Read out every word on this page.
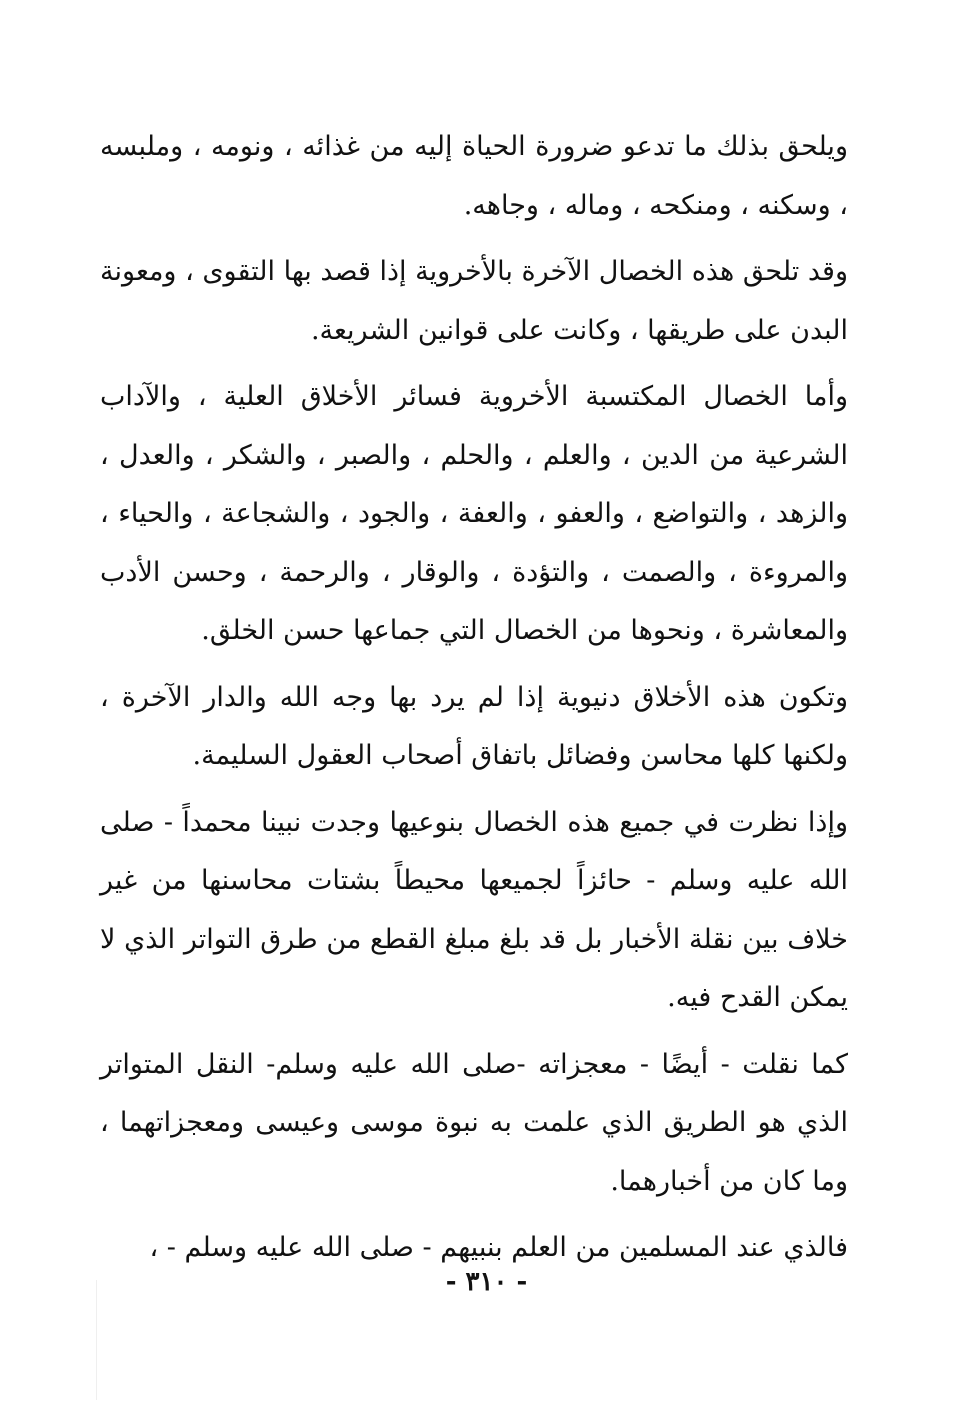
ويلحق بذلك ما تدعو ضرورة الحياة إليه من غذائه ، ونومه ، وملبسه ، وسكنه ، ومنكحه ، وماله ، وجاهه.

وقد تلحق هذه الخصال الآخرة بالأخروية إذا قصد بها التقوى ، ومعونة البدن على طريقها ، وكانت على قوانين الشريعة.

وأما الخصال المكتسبة الأخروية فسائر الأخلاق العلية ، والآداب الشرعية من الدين ، والعلم ، والحلم ، والصبر ، والشكر ، والعدل ، والزهد ، والتواضع ، والعفو ، والعفة ، والجود ، والشجاعة ، والحياء ، والمروءة ، والصمت ، والتؤدة ، والوقار ، والرحمة ، وحسن الأدب والمعاشرة ، ونحوها من الخصال التي جماعها حسن الخلق.

وتكون هذه الأخلاق دنيوية إذا لم يرد بها وجه الله والدار الآخرة ، ولكنها كلها محاسن وفضائل باتفاق أصحاب العقول السليمة.

وإذا نظرت في جميع هذه الخصال بنوعيها وجدت نبينا محمداً - صلى الله عليه وسلم - حائزاً لجميعها محيطاً بشتات محاسنها من غير خلاف بين نقلة الأخبار بل قد بلغ مبلغ القطع من طرق التواتر الذي لا يمكن القدح فيه.

كما نقلت - أيضًا - معجزاته -صلى الله عليه وسلم- النقل المتواتر الذي هو الطريق الذي علمت به نبوة موسى وعيسى ومعجزاتهما ، وما كان من أخبارهما.

فالذي عند المسلمين من العلم بنبيهم - صلى الله عليه وسلم - ،

- ٣١٠ -
